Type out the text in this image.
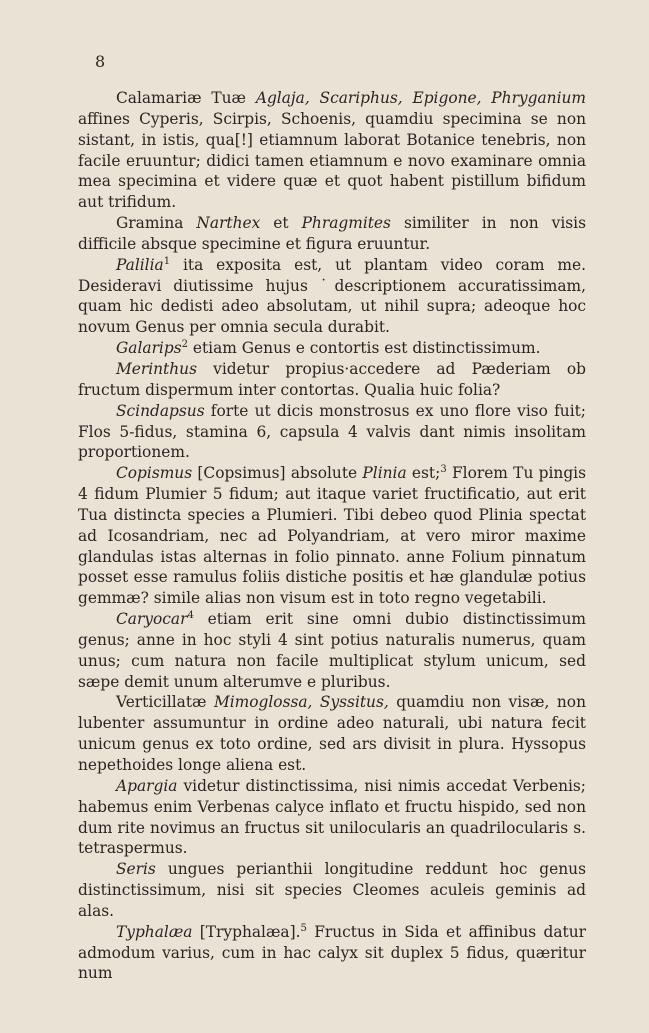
8

Calamariæ Tuæ Aglaja, Scariphus, Epigone, Phryganium affines Cyperis, Scirpis, Schoenis, quamdiu specimina se non sistant, in istis, qua[!] etiamnum laborat Botanice tenebris, non facile eruuntur; didici tamen etiamnum e novo examinare omnia mea specimina et videre quæ et quot habent pistillum bifidum aut trifidum.

Gramina Narthex et Phragmites similiter in non visis difficile absque specimine et figura eruuntur.

Palilia$^1$ ita exposita est, ut plantam video coram me. Desideravi diutissime hujus ˙descriptionem accuratissimam, quam hic dedisti adeo absolutam, ut nihil supra; adeoque hoc novum Genus per omnia secula durabit.

Galarips$^2$ etiam Genus e contortis est distinctissimum.

Merinthus videtur propius·accedere ad Pæderiam ob fructum dispermum inter contortas. Qualia huic folia?

Scindapsus forte ut dicis monstrosus ex uno flore viso fuit; Flos 5-fidus, stamina 6, capsula 4 valvis dant nimis insolitam proportionem.

Copismus [Copsimus] absolute Plinia est;$^3$ Florem Tu pingis 4 fidum Plumier 5 fidum; aut itaque variet fructificatio, aut erit Tua distincta species a Plumieri. Tibi debeo quod Plinia spectat ad Icosandriam, nec ad Polyandriam, at vero miror maxime glandulas istas alternas in folio pinnato. anne Folium pinnatum posset esse ramulus foliis distiche positis et hæ glandulæ potius gemmæ? simile alias non visum est in toto regno vegetabili.

Caryocar$^4$ etiam erit sine omni dubio distinctissimum genus; anne in hoc styli 4 sint potius naturalis numerus, quam unus; cum natura non facile multiplicat stylum unicum, sed sæpe demit unum alterumve e pluribus.

Verticillatæ Mimoglossa, Syssitus, quamdiu non visæ, non lubenter assumuntur in ordine adeo naturali, ubi natura fecit unicum genus ex toto ordine, sed ars divisit in plura. Hyssopus nepethoides longe aliena est.

Apargia videtur distinctissima, nisi nimis accedat Verbenis; habemus enim Verbenas calyce inflato et fructu hispido, sed non dum rite novimus an fructus sit unilocularis an quadrilocularis s. tetraspermus.

Seris ungues perianthii longitudine reddunt hoc genus distinctissimum, nisi sit species Cleomes aculeis geminis ad alas.

Typhalæa [Tryphalæa].$^5$ Fructus in Sida et affinibus datur admodum varius, cum in hac calyx sit duplex 5 fidus, quæritur num
